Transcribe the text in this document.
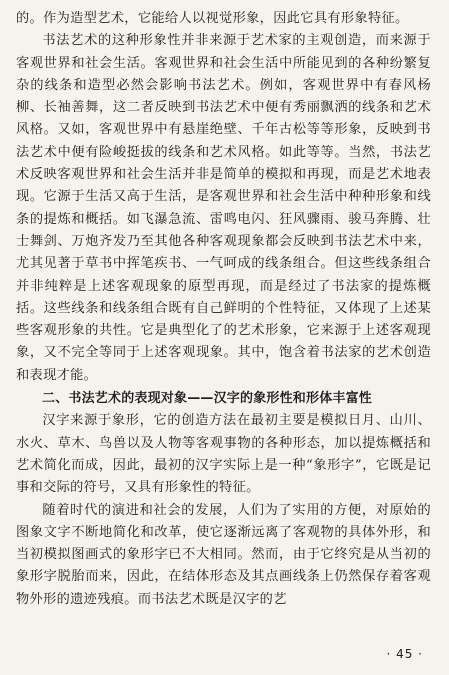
的。作为造型艺术，它能给人以视觉形象，因此它具有形象特征。

书法艺术的这种形象性并非来源于艺术家的主观创造，而来源于客观世界和社会生活。客观世界和社会生活中所能见到的各种纷繁复杂的线条和造型必然会影响书法艺术。例如，客观世界中有春风杨柳、长袖善舞，这二者反映到书法艺术中便有秀丽飘洒的线条和艺术风格。又如，客观世界中有悬崖绝壁、千年古松等等形象，反映到书法艺术中便有险峻挺拔的线条和艺术风格。如此等等。当然，书法艺术反映客观世界和社会生活并非是简单的模拟和再现，而是艺术地表现。它源于生活又高于生活，是客观世界和社会生活中种种形象和线条的提炼和概括。如飞瀑急流、雷鸣电闪、狂风骤雨、骏马奔腾、壮士舞剑、万炮齐发乃至其他各种客观现象都会反映到书法艺术中来，尤其见著于草书中挥笔疾书、一气呵成的线条组合。但这些线条组合并非纯粹是上述客观现象的原型再现，而是经过了书法家的提炼概括。这些线条和线条组合既有自己鲜明的个性特征，又体现了上述某些客观形象的共性。它是典型化了的艺术形象，它来源于上述客观现象，又不完全等同于上述客观现象。其中，饱含着书法家的艺术创造和表现才能。

二、书法艺术的表现对象——汉字的象形性和形体丰富性

汉字来源于象形，它的创造方法在最初主要是模拟日月、山川、水火、草木、鸟兽以及人物等客观事物的各种形态，加以提炼概括和艺术简化而成，因此，最初的汉字实际上是一种“象形字”，它既是记事和交际的符号，又具有形象性的特征。

随着时代的演进和社会的发展，人们为了实用的方便，对原始的图象文字不断地简化和改革，使它逐渐远离了客观物的具体外形，和当初模拟图画式的象形字已不大相同。然而，由于它终究是从当初的象形字脱胎而来，因此，在结体形态及其点画线条上仍然保存着客观物外形的遗迹残痕。而书法艺术既是汉字的艺

· 45 ·
